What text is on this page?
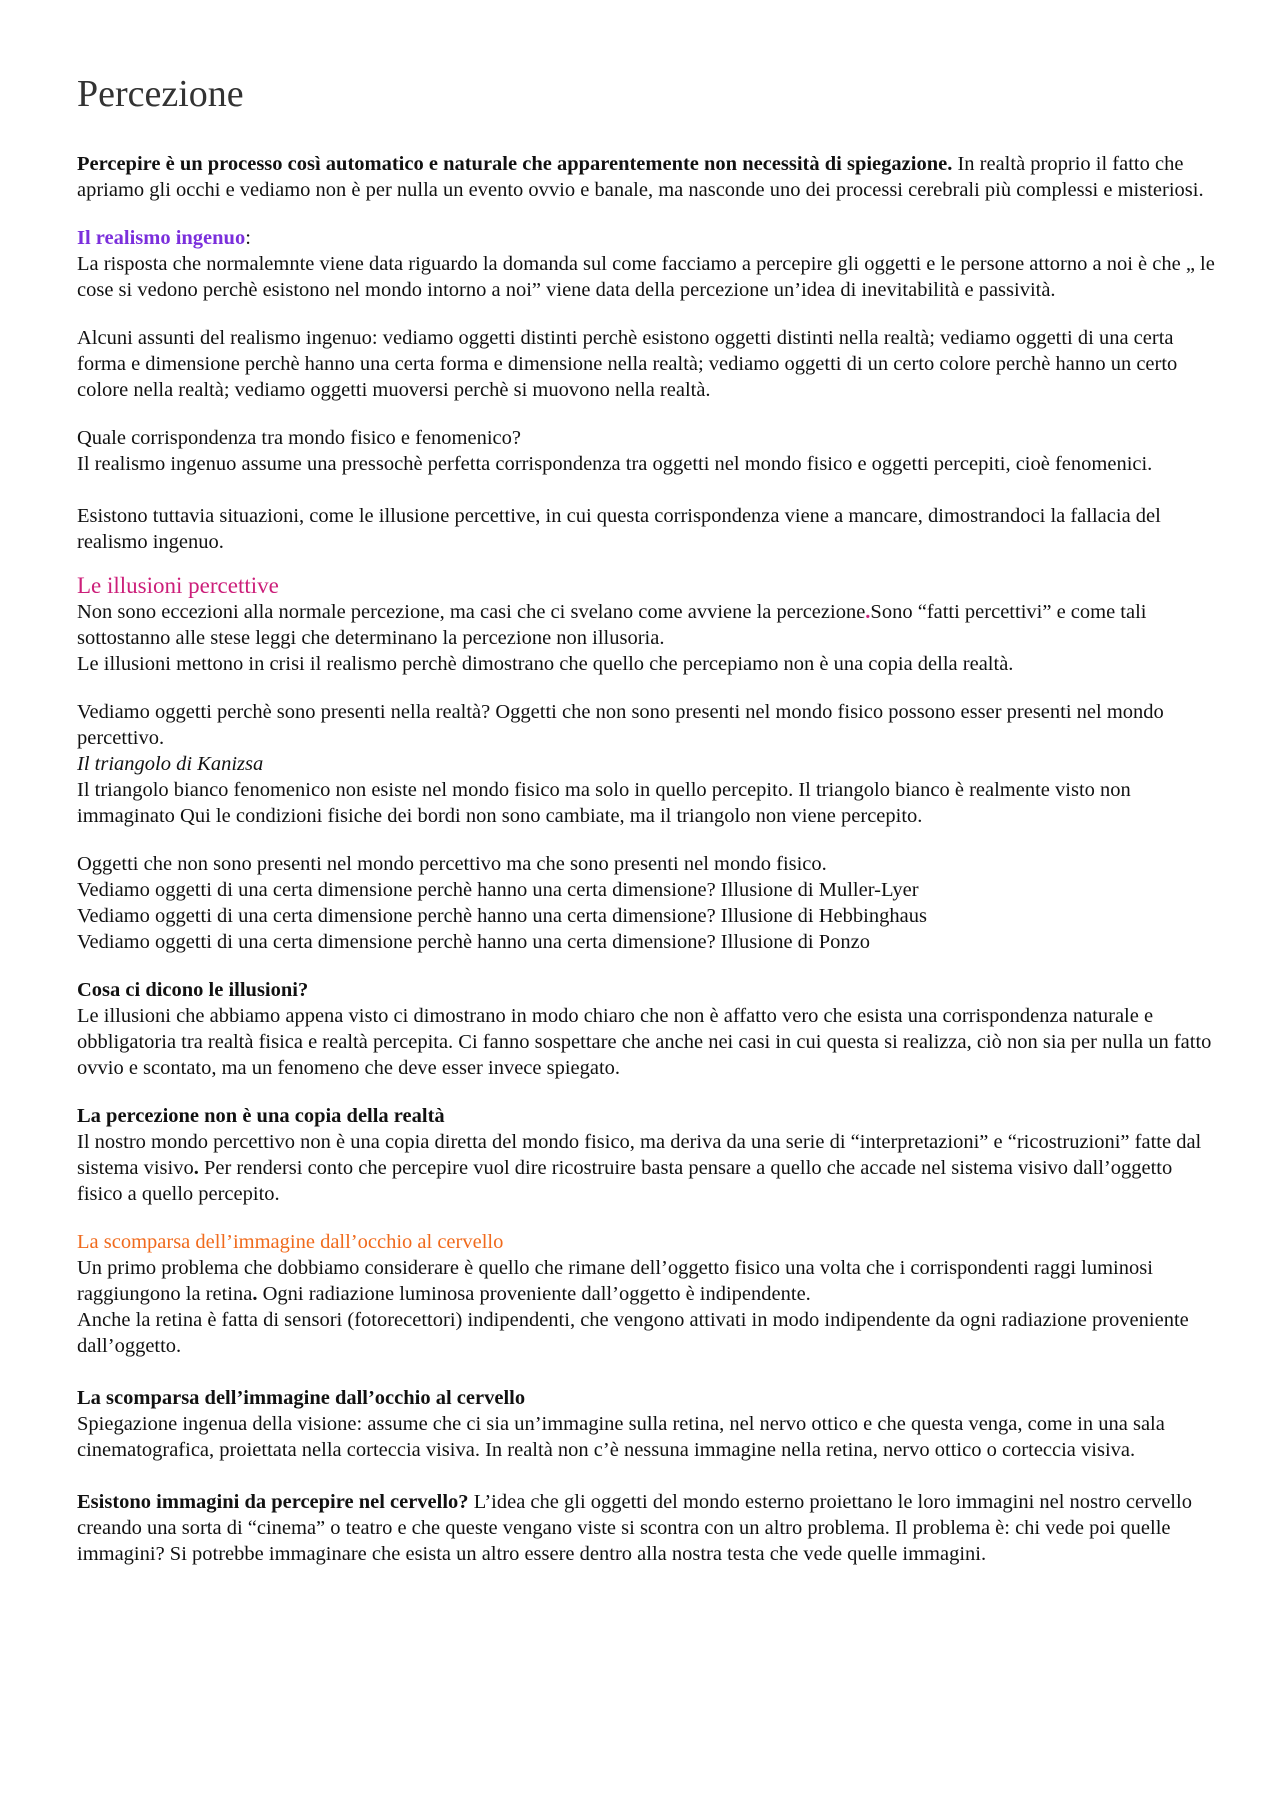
Percezione

Percepire è un processo così automatico e naturale che apparentemente non necessità di spiegazione. In realtà proprio il fatto che apriamo gli occhi e vediamo non è per nulla un evento ovvio e banale, ma nasconde uno dei processi cerebrali più complessi e misteriosi.

Il realismo ingenuo:

La risposta che normalemnte viene data riguardo la domanda sul come facciamo a percepire gli oggetti e le persone attorno a noi è che „ le cose si vedono perchè esistono nel mondo intorno a noi” viene data della percezione un’idea di inevitabilità e passività.

Alcuni assunti del realismo ingenuo: vediamo oggetti distinti perchè esistono oggetti distinti nella realtà; vediamo oggetti di una certa forma e dimensione perchè hanno una certa forma e dimensione nella realtà; vediamo oggetti di un certo colore perchè hanno un certo colore nella realtà; vediamo oggetti muoversi perchè si muovono nella realtà.

Quale corrispondenza tra mondo fisico e fenomenico?

Il realismo ingenuo assume una pressochè perfetta corrispondenza tra oggetti nel mondo fisico e oggetti percepiti, cioè fenomenici.

Esistono tuttavia situazioni, come le illusione percettive, in cui questa corrispondenza viene a mancare, dimostrandoci la fallacia del realismo ingenuo.

Le illusioni percettive

Non sono eccezioni alla normale percezione, ma casi che ci svelano come avviene la percezione.Sono “fatti percettivi” e come tali sottostanno alle stese leggi che determinano la percezione non illusoria.

Le illusioni mettono in crisi il realismo perchè dimostrano che quello che percepiamo non è una copia della realtà.

Vediamo oggetti perchè sono presenti nella realtà? Oggetti che non sono presenti nel mondo fisico possono esser presenti nel mondo percettivo.

Il triangolo di Kanizsa

Il triangolo bianco fenomenico non esiste nel mondo fisico ma solo in quello percepito. Il triangolo bianco è realmente visto non immaginato Qui le condizioni fisiche dei bordi non sono cambiate, ma il triangolo non viene percepito.

Oggetti che non sono presenti nel mondo percettivo ma che sono presenti nel mondo fisico.

Vediamo oggetti di una certa dimensione perchè hanno una certa dimensione? Illusione di Muller-Lyer

Vediamo oggetti di una certa dimensione perchè hanno una certa dimensione? Illusione di Hebbinghaus

Vediamo oggetti di una certa dimensione perchè hanno una certa dimensione? Illusione di Ponzo

Cosa ci dicono le illusioni?

Le illusioni che abbiamo appena visto ci dimostrano in modo chiaro che non è affatto vero che esista una corrispondenza naturale e obbligatoria tra realtà fisica e realtà percepita. Ci fanno sospettare che anche nei casi in cui questa si realizza, ciò non sia per nulla un fatto ovvio e scontato, ma un fenomeno che deve esser invece spiegato.

La percezione non è una copia della realtà

Il nostro mondo percettivo non è una copia diretta del mondo fisico, ma deriva da una serie di “interpretazioni” e “ricostruzioni” fatte dal sistema visivo. Per rendersi conto che percepire vuol dire ricostruire basta pensare a quello che accade nel sistema visivo dall’oggetto fisico a quello percepito.

La scomparsa dell’immagine dall’occhio al cervello

Un primo problema che dobbiamo considerare è quello che rimane dell’oggetto fisico una volta che i corrispondenti raggi luminosi raggiungono la retina. Ogni radiazione luminosa proveniente dall’oggetto è indipendente.

Anche la retina è fatta di sensori (fotorecettori) indipendenti, che vengono attivati in modo indipendente da ogni radiazione proveniente dall’oggetto.

La scomparsa dell’immagine dall’occhio al cervello

Spiegazione ingenua della visione: assume che ci sia un’immagine sulla retina, nel nervo ottico e che questa venga, come in una sala cinematografica, proiettata nella corteccia visiva. In realtà non c’è nessuna immagine nella retina, nervo ottico o corteccia visiva.

Esistono immagini da percepire nel cervello? L’idea che gli oggetti del mondo esterno proiettano le loro immagini nel nostro cervello creando una sorta di “cinema” o teatro e che queste vengano viste si scontra con un altro problema. Il problema è: chi vede poi quelle immagini? Si potrebbe immaginare che esista un altro essere dentro alla nostra testa che vede quelle immagini.
